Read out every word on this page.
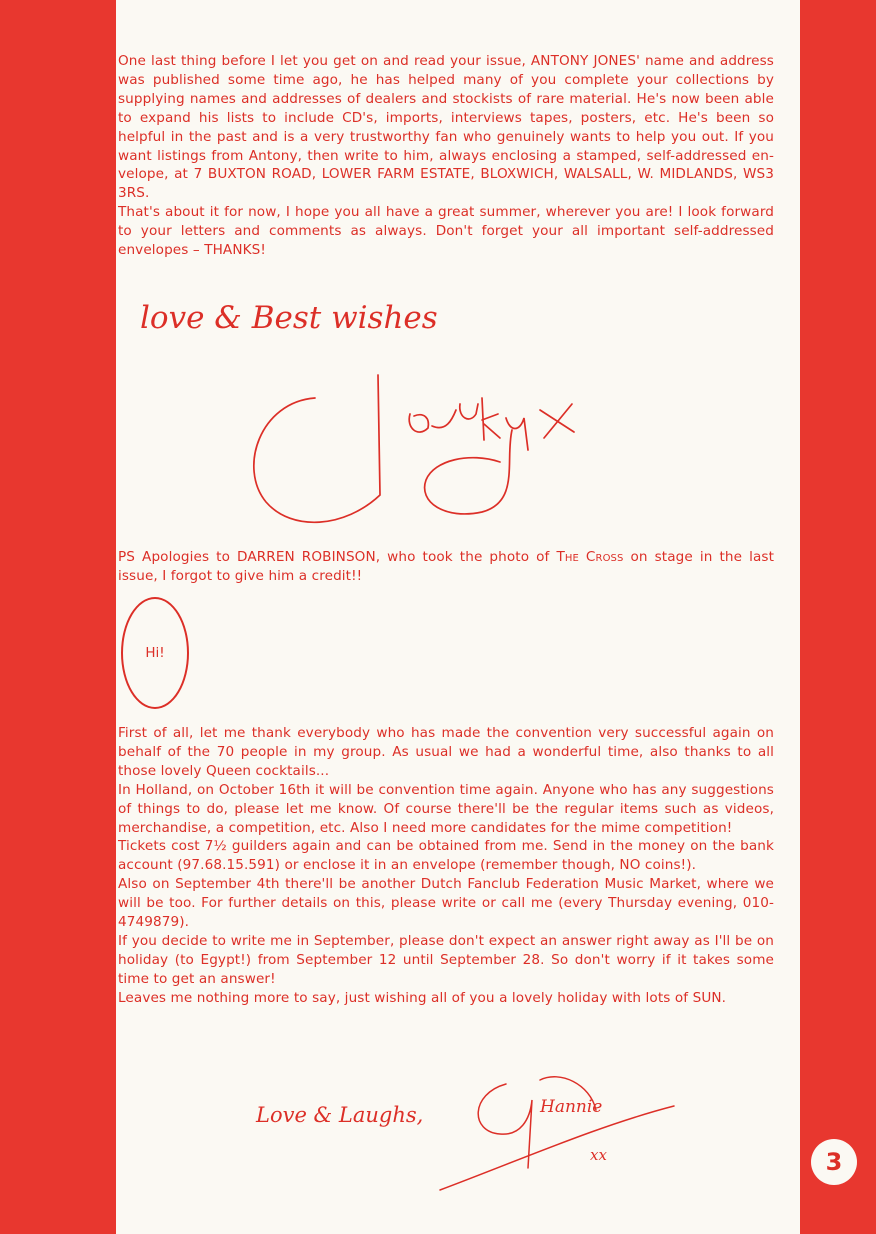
One last thing before I let you get on and read your issue, ANTONY JONES' name and address was published some time ago, he has helped many of you complete your collections by supplying names and addresses of dealers and stockists of rare material. He's now been able to expand his lists to include CD's, imports, interviews tapes, posters, etc. He's been so helpful in the past and is a very trustworthy fan who genuinely wants to help you out. If you want listings from Antony, then write to him, always enclosing a stamped, self-addressed en-velope, at 7 BUXTON ROAD, LOWER FARM ESTATE, BLOXWICH, WALSALL, W. MIDLANDS, WS3 3RS.

That's about it for now, I hope you all have a great summer, wherever you are! I look forward to your letters and comments as always. Don't forget your all important self-addressed envelopes – THANKS!

love & Best wishes

PS Apologies to DARREN ROBINSON, who took the photo of The Cross on stage in the last issue, I forgot to give him a credit!!

Hi!

First of all, let me thank everybody who has made the convention very successful again on behalf of the 70 people in my group. As usual we had a wonderful time, also thanks to all those lovely Queen cocktails...

In Holland, on October 16th it will be convention time again. Anyone who has any suggestions of things to do, please let me know. Of course there'll be the regular items such as videos, merchandise, a competition, etc. Also I need more candidates for the mime competition!

Tickets cost 7½ guilders again and can be obtained from me. Send in the money on the bank account (97.68.15.591) or enclose it in an envelope (remember though, NO coins!).

Also on September 4th there'll be another Dutch Fanclub Federation Music Market, where we will be too. For further details on this, please write or call me (every Thursday evening, 010-4749879).

If you decide to write me in September, please don't expect an answer right away as I'll be on holiday (to Egypt!) from September 12 until September 28. So don't worry if it takes some time to get an answer!

Leaves me nothing more to say, just wishing all of you a lovely holiday with lots of SUN.

Love & Laughs,	Hannie
xx	3
